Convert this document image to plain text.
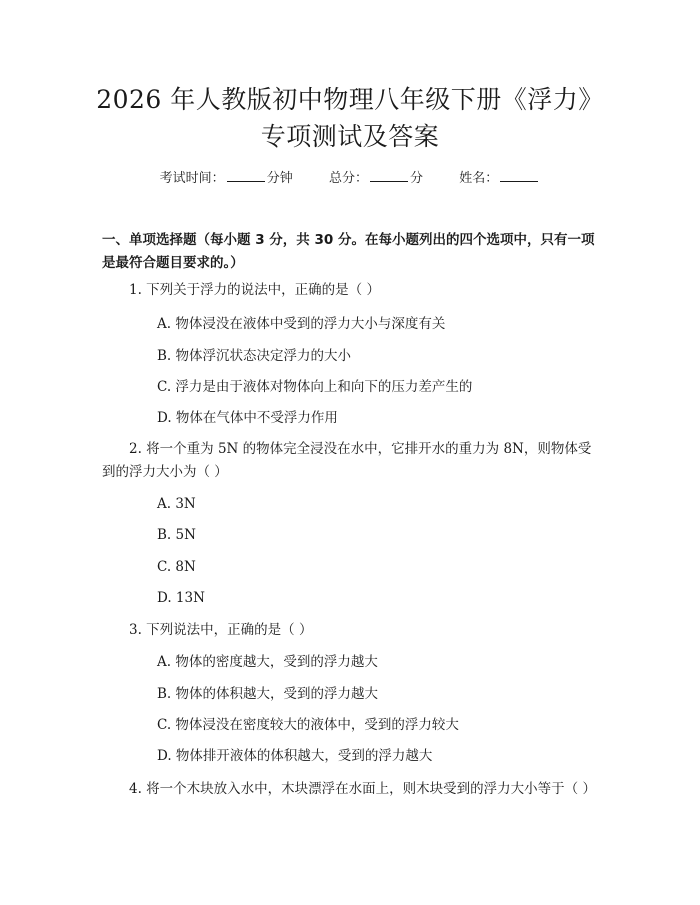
2026 年人教版初中物理八年级下册《浮力》
专项测试及答案
考试时间：	分钟	总分：	分	姓名：
一、单项选择题（每小题 3 分，共 30 分。在每小题列出的四个选项中，只有一项是最符合题目要求的。）
1. 下列关于浮力的说法中，正确的是（ ）
A. 物体浸没在液体中受到的浮力大小与深度有关
B. 物体浮沉状态决定浮力的大小
C. 浮力是由于液体对物体向上和向下的压力差产生的
D. 物体在气体中不受浮力作用
2. 将一个重为 5N 的物体完全浸没在水中，它排开水的重力为 8N，则物体受到的浮力大小为（ ）
A. 3N
B. 5N
C. 8N
D. 13N
3. 下列说法中，正确的是（ ）
A. 物体的密度越大，受到的浮力越大
B. 物体的体积越大，受到的浮力越大
C. 物体浸没在密度较大的液体中，受到的浮力较大
D. 物体排开液体的体积越大，受到的浮力越大
4. 将一个木块放入水中，木块漂浮在水面上，则木块受到的浮力大小等于（ ）
